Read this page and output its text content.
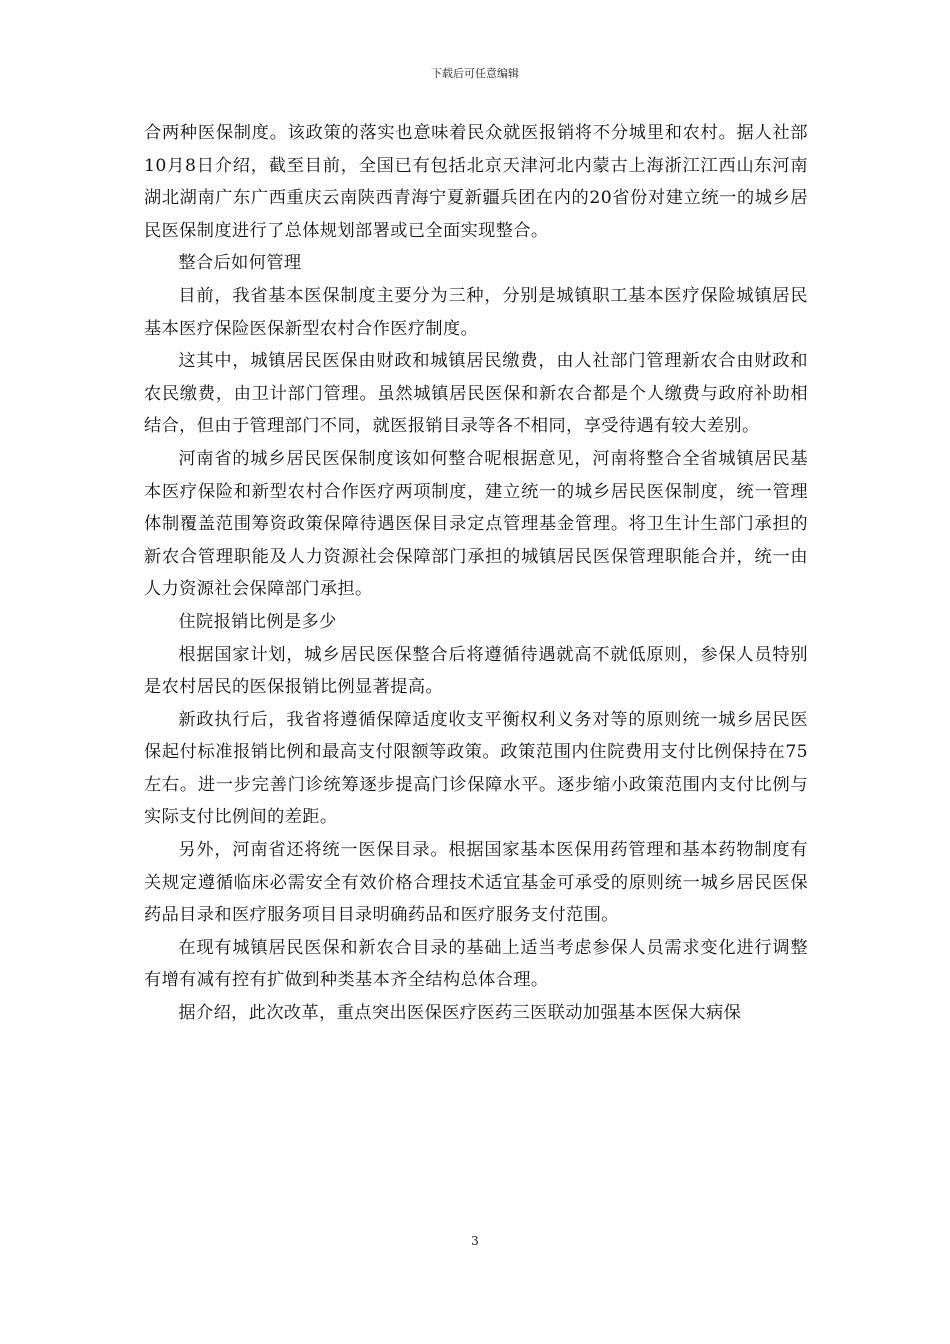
下载后可任意编辑

合两种医保制度。该政策的落实也意味着民众就医报销将不分城里和农村。据人社部10月8日介绍，截至目前，全国已有包括北京天津河北内蒙古上海浙江江西山东河南湖北湖南广东广西重庆云南陕西青海宁夏新疆兵团在内的20省份对建立统一的城乡居民医保制度进行了总体规划部署或已全面实现整合。

整合后如何管理

目前，我省基本医保制度主要分为三种，分别是城镇职工基本医疗保险城镇居民基本医疗保险医保新型农村合作医疗制度。

这其中，城镇居民医保由财政和城镇居民缴费，由人社部门管理新农合由财政和农民缴费，由卫计部门管理。虽然城镇居民医保和新农合都是个人缴费与政府补助相结合，但由于管理部门不同，就医报销目录等各不相同，享受待遇有较大差别。

河南省的城乡居民医保制度该如何整合呢根据意见，河南将整合全省城镇居民基本医疗保险和新型农村合作医疗两项制度，建立统一的城乡居民医保制度，统一管理体制覆盖范围筹资政策保障待遇医保目录定点管理基金管理。将卫生计生部门承担的新农合管理职能及人力资源社会保障部门承担的城镇居民医保管理职能合并，统一由人力资源社会保障部门承担。

住院报销比例是多少

根据国家计划，城乡居民医保整合后将遵循待遇就高不就低原则，参保人员特别是农村居民的医保报销比例显著提高。

新政执行后，我省将遵循保障适度收支平衡权利义务对等的原则统一城乡居民医保起付标准报销比例和最高支付限额等政策。政策范围内住院费用支付比例保持在75左右。进一步完善门诊统筹逐步提高门诊保障水平。逐步缩小政策范围内支付比例与实际支付比例间的差距。

另外，河南省还将统一医保目录。根据国家基本医保用药管理和基本药物制度有关规定遵循临床必需安全有效价格合理技术适宜基金可承受的原则统一城乡居民医保药品目录和医疗服务项目目录明确药品和医疗服务支付范围。

在现有城镇居民医保和新农合目录的基础上适当考虑参保人员需求变化进行调整有增有减有控有扩做到种类基本齐全结构总体合理。

据介绍，此次改革，重点突出医保医疗医药三医联动加强基本医保大病保

3
